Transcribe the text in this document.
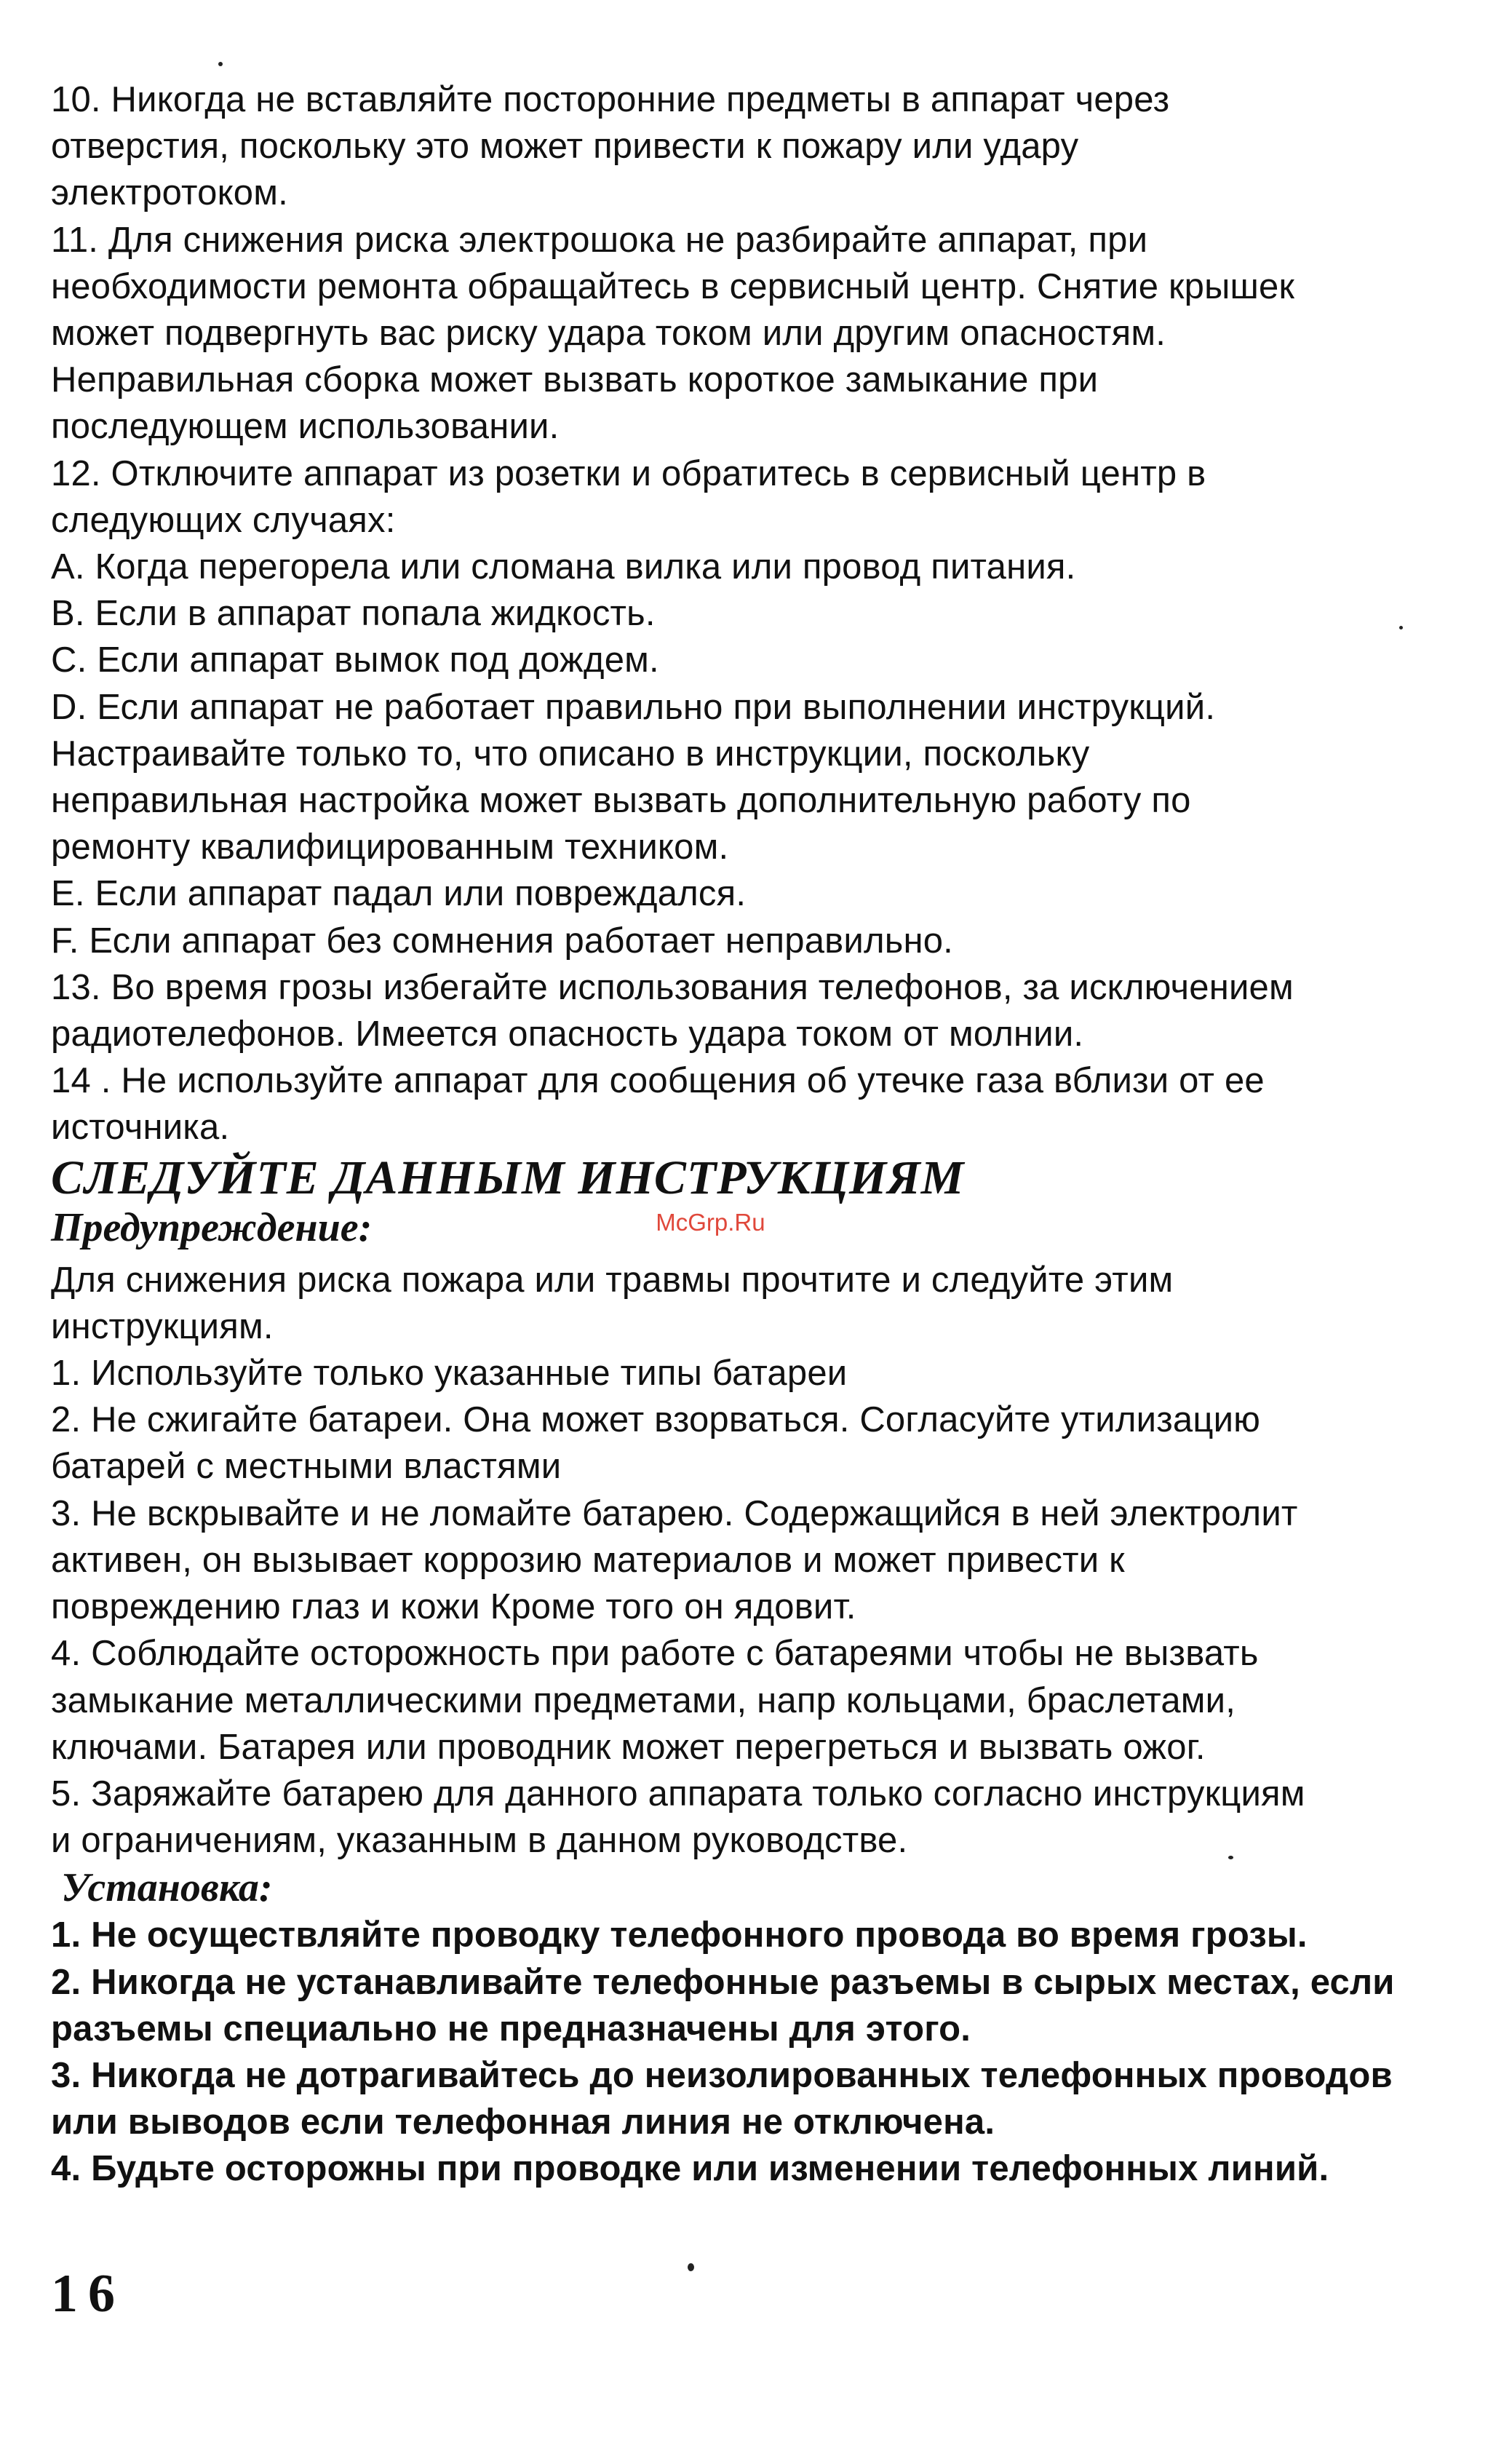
10. Никогда не вставляйте посторонние предметы в аппарат через
отверстия, поскольку это может привести к пожару или удару
электротоком.
11. Для снижения риска электрошока не разбирайте аппарат, при
необходимости ремонта обращайтесь в сервисный центр. Снятие крышек
может подвергнуть вас риску удара током или другим опасностям.
Неправильная сборка может вызвать короткое замыкание при
последующем использовании.
12. Отключите аппарат из розетки и обратитесь в сервисный центр в
следующих случаях:
A. Когда перегорела или сломана вилка или провод питания.
B. Если в аппарат попала жидкость.
C. Если аппарат вымок под дождем.
D. Если аппарат не работает правильно при выполнении инструкций.
Настраивайте только то, что описано в инструкции, поскольку
неправильная настройка может вызвать дополнительную работу по
ремонту квалифицированным техником.
E. Если аппарат падал или повреждался.
F. Если аппарат без сомнения работает неправильно.
13. Во время грозы избегайте использования телефонов, за исключением
радиотелефонов. Имеется опасность удара током от молнии.
14 . Не используйте аппарат для сообщения об утечке газа вблизи от ее
источника.
СЛЕДУЙТЕ ДАННЫМ ИНСТРУКЦИЯМ
Предупреждение:	McGrp.Ru
Для снижения риска пожара или травмы прочтите и следуйте этим
инструкциям.
1. Используйте только указанные типы батареи
2. Не сжигайте батареи. Она может взорваться. Согласуйте утилизацию
батарей с местными властями
3. Не вскрывайте и не ломайте батарею. Содержащийся в ней электролит
активен, он вызывает коррозию материалов и может привести к
повреждению глаз и кожи Кроме того он ядовит.
4. Соблюдайте осторожность при работе с батареями чтобы не вызвать
замыкание металлическими предметами, напр кольцами, браслетами,
ключами. Батарея или проводник может перегреться и вызвать ожог.
5. Заряжайте батарею для данного аппарата только согласно инструкциям
и ограничениям, указанным в данном руководстве.
Установка:
1. Не осуществляйте проводку телефонного провода во время грозы.
2. Никогда не устанавливайте телефонные разъемы в сырых местах, если
разъемы специально не предназначены для этого.
3. Никогда не дотрагивайтесь до неизолированных телефонных проводов
или выводов если телефонная линия не отключена.
4. Будьте осторожны при проводке или изменении телефонных линий.
16
